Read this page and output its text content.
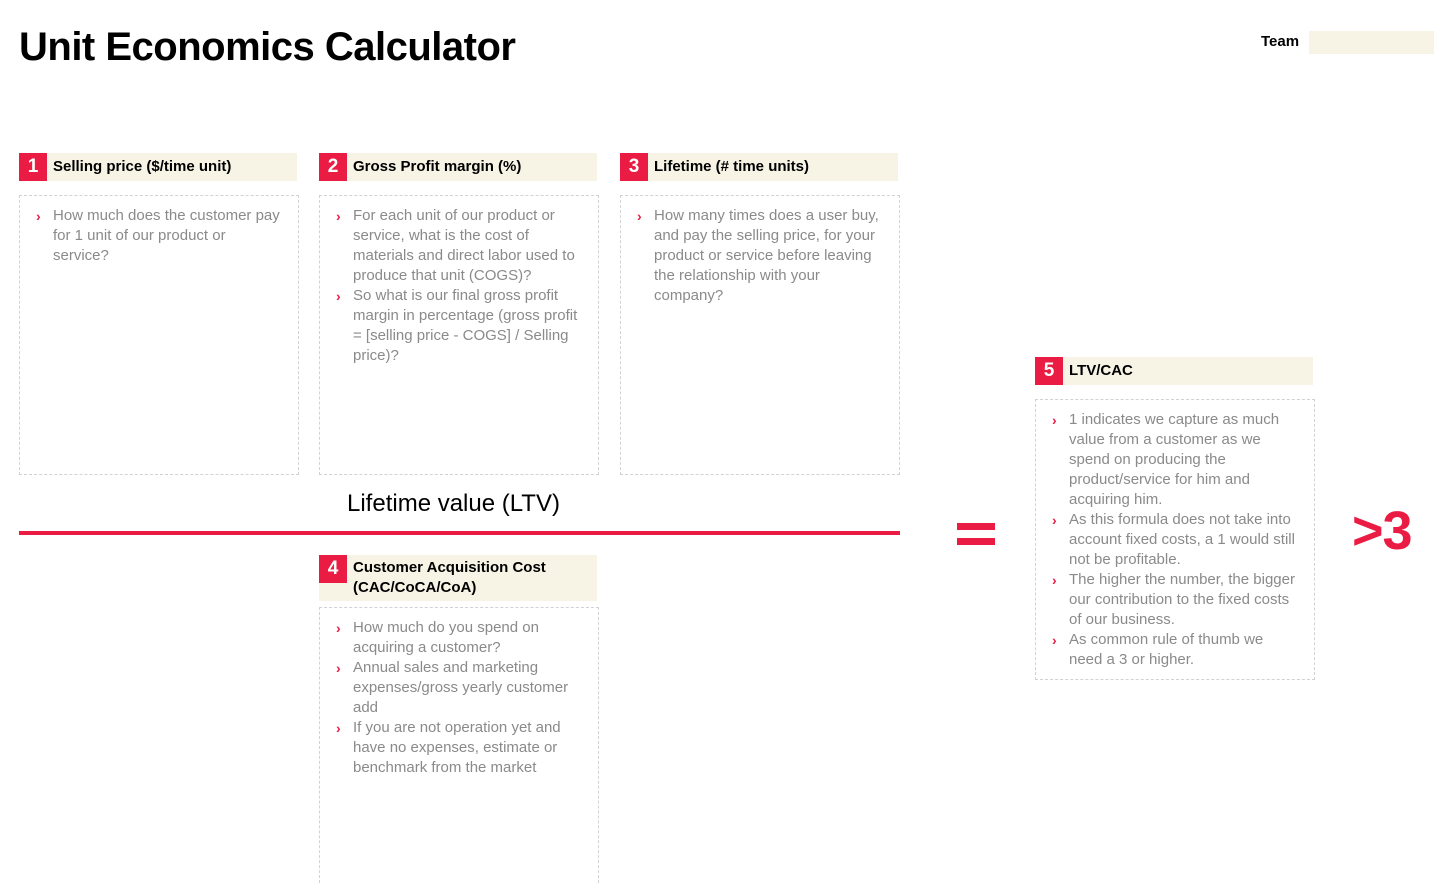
Unit Economics Calculator	Team
1 Selling price ($/time unit)
› How much does the customer pay for 1 unit of our product or service?
2 Gross Profit margin (%)
› For each unit of our product or service, what is the cost of materials and direct labor used to produce that unit (COGS)?
› So what is our final gross profit margin in percentage (gross profit = [selling price - COGS] / Selling price)?
3 Lifetime (# time units)
› How many times does a user buy, and pay the selling price, for your product or service before leaving the relationship with your company?
Lifetime value (LTV)
4 Customer Acquisition Cost (CAC/CoCA/CoA)
› How much do you spend on acquiring a customer?
› Annual sales and marketing expenses/gross yearly customer add
› If you are not operation yet and have no expenses, estimate or benchmark from the market
5 LTV/CAC
› 1 indicates we capture as much value from a customer as we spend on producing the product/service for him and acquiring him.
› As this formula does not take into account fixed costs, a 1 would still not be profitable.
› The higher the number, the bigger our contribution to the fixed costs of our business.
› As common rule of thumb we need a 3 or higher.
>3
